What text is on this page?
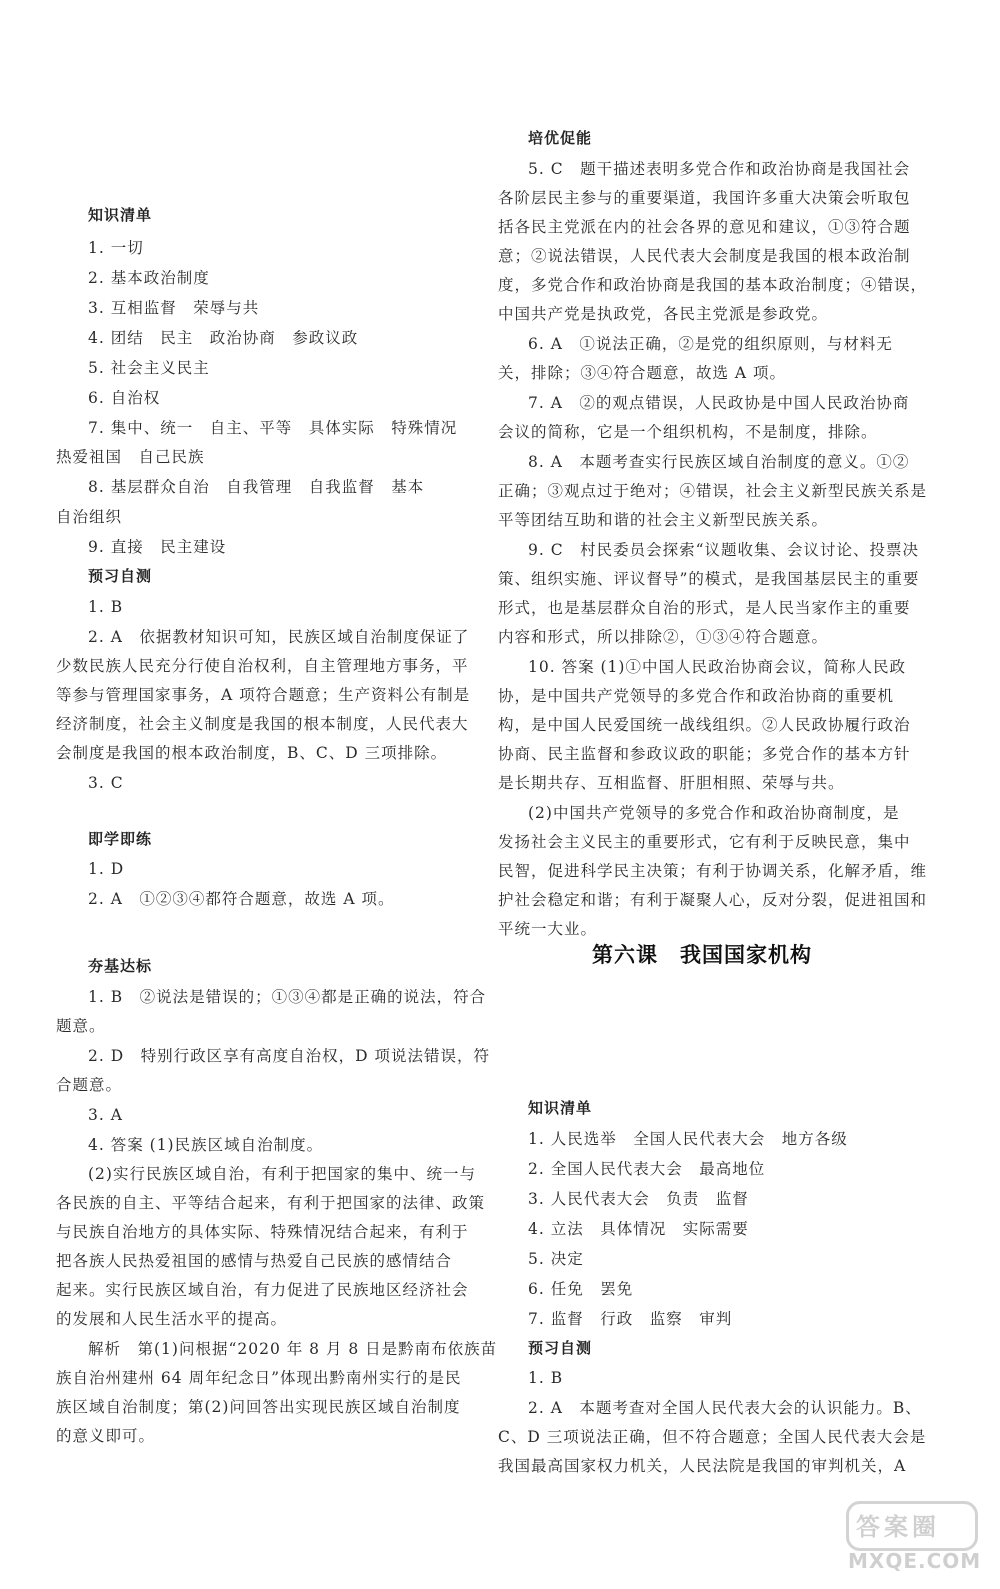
知识清单
1. 一切
2. 基本政治制度
3. 互相监督　荣辱与共
4. 团结　民主　政治协商　参政议政
5. 社会主义民主
6. 自治权
7. 集中、统一　自主、平等　具体实际　特殊情况
热爱祖国　自己民族
8. 基层群众自治　自我管理　自我监督　基本
自治组织
9. 直接　民主建设
预习自测
1. B
2. A　依据教材知识可知，民族区域自治制度保证了
少数民族人民充分行使自治权利，自主管理地方事务，平
等参与管理国家事务，A 项符合题意；生产资料公有制是
经济制度，社会主义制度是我国的根本制度，人民代表大
会制度是我国的根本政治制度，B、C、D 三项排除。
3. C
即学即练
1. D
2. A　①②③④都符合题意，故选 A 项。
夯基达标
1. B　②说法是错误的；①③④都是正确的说法，符合
题意。
2. D　特别行政区享有高度自治权，D 项说法错误，符
合题意。
3. A
4. 答案 (1)民族区域自治制度。
(2)实行民族区域自治，有利于把国家的集中、统一与
各民族的自主、平等结合起来，有利于把国家的法律、政策
与民族自治地方的具体实际、特殊情况结合起来，有利于
把各族人民热爱祖国的感情与热爱自己民族的感情结合
起来。实行民族区域自治，有力促进了民族地区经济社会
的发展和人民生活水平的提高。
解析　第(1)问根据“2020 年 8 月 8 日是黔南布依族苗
族自治州建州 64 周年纪念日”体现出黔南州实行的是民
族区域自治制度；第(2)问回答出实现民族区域自治制度
的意义即可。
培优促能
5. C　题干描述表明多党合作和政治协商是我国社会
各阶层民主参与的重要渠道，我国许多重大决策会听取包
括各民主党派在内的社会各界的意见和建议，①③符合题
意；②说法错误，人民代表大会制度是我国的根本政治制
度，多党合作和政治协商是我国的基本政治制度；④错误，
中国共产党是执政党，各民主党派是参政党。
6. A　①说法正确，②是党的组织原则，与材料无
关，排除；③④符合题意，故选 A 项。
7. A　②的观点错误，人民政协是中国人民政治协商
会议的简称，它是一个组织机构，不是制度，排除。
8. A　本题考查实行民族区域自治制度的意义。①②
正确；③观点过于绝对；④错误，社会主义新型民族关系是
平等团结互助和谐的社会主义新型民族关系。
9. C　村民委员会探索“议题收集、会议讨论、投票决
策、组织实施、评议督导”的模式，是我国基层民主的重要
形式，也是基层群众自治的形式，是人民当家作主的重要
内容和形式，所以排除②，①③④符合题意。
10. 答案 (1)①中国人民政治协商会议，简称人民政
协，是中国共产党领导的多党合作和政治协商的重要机
构，是中国人民爱国统一战线组织。②人民政协履行政治
协商、民主监督和参政议政的职能；多党合作的基本方针
是长期共存、互相监督、肝胆相照、荣辱与共。
(2)中国共产党领导的多党合作和政治协商制度，是
发扬社会主义民主的重要形式，它有利于反映民意，集中
民智，促进科学民主决策；有利于协调关系，化解矛盾，维
护社会稳定和谐；有利于凝聚人心，反对分裂，促进祖国和
平统一大业。
知识清单
1. 人民选举　全国人民代表大会　地方各级
2. 全国人民代表大会　最高地位
3. 人民代表大会　负责　监督
4. 立法　具体情况　实际需要
5. 决定
6. 任免　罢免
7. 监督　行政　监察　审判
预习自测
1. B
2. A　本题考查对全国人民代表大会的认识能力。B、
C、D 三项说法正确，但不符合题意；全国人民代表大会是
我国最高国家权力机关，人民法院是我国的审判机关，A
第六课　我国国家机构
答案圈
MXQE.COM
